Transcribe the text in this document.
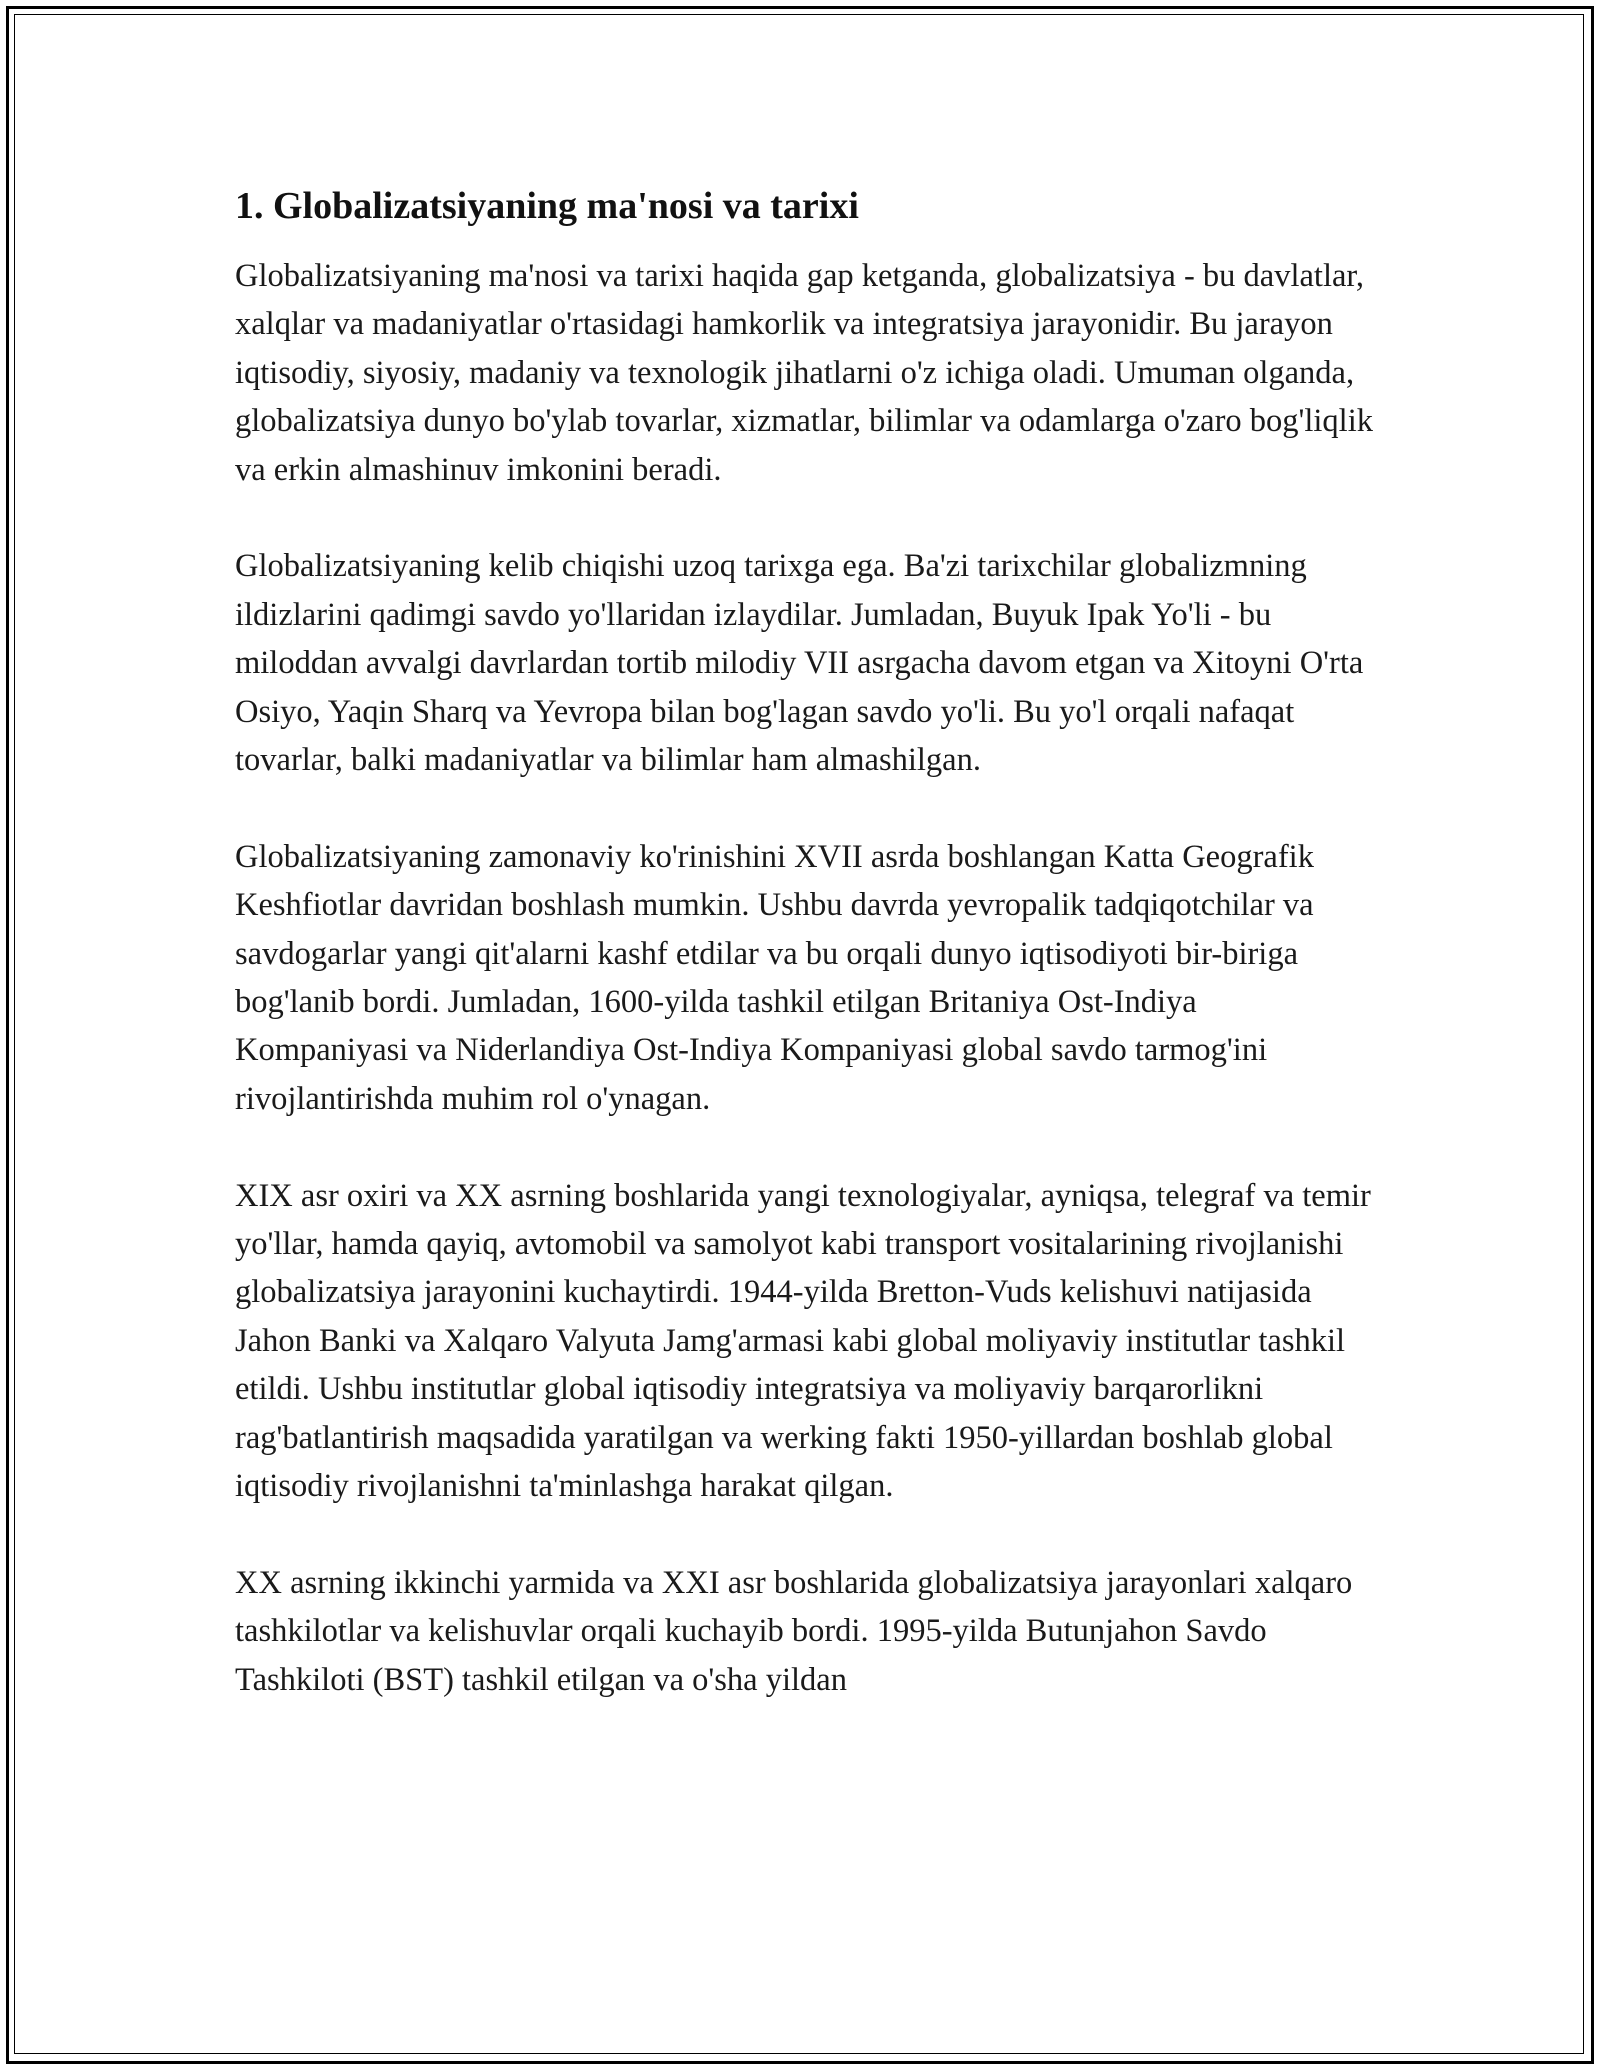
1. Globalizatsiyaning ma'nosi va tarixi

Globalizatsiyaning ma'nosi va tarixi haqida gap ketganda, globalizatsiya - bu davlatlar, xalqlar va madaniyatlar o'rtasidagi hamkorlik va integratsiya jarayonidir. Bu jarayon iqtisodiy, siyosiy, madaniy va texnologik jihatlarni o'z ichiga oladi. Umuman olganda, globalizatsiya dunyo bo'ylab tovarlar, xizmatlar, bilimlar va odamlarga o'zaro bog'liqlik va erkin almashinuv imkonini beradi.

Globalizatsiyaning kelib chiqishi uzoq tarixga ega. Ba'zi tarixchilar globalizmning ildizlarini qadimgi savdo yo'llaridan izlaydilar. Jumladan, Buyuk Ipak Yo'li - bu miloddan avvalgi davrlardan tortib milodiy VII asrgacha davom etgan va Xitoyni O'rta Osiyo, Yaqin Sharq va Yevropa bilan bog'lagan savdo yo'li. Bu yo'l orqali nafaqat tovarlar, balki madaniyatlar va bilimlar ham almashilgan.

Globalizatsiyaning zamonaviy ko'rinishini XVII asrda boshlangan Katta Geografik Keshfiotlar davridan boshlash mumkin. Ushbu davrda yevropalik tadqiqotchilar va savdogarlar yangi qit'alarni kashf etdilar va bu orqali dunyo iqtisodiyoti bir-biriga bog'lanib bordi. Jumladan, 1600-yilda tashkil etilgan Britaniya Ost-Indiya Kompaniyasi va Niderlandiya Ost-Indiya Kompaniyasi global savdo tarmog'ini rivojlantirishda muhim rol o'ynagan.

XIX asr oxiri va XX asrning boshlarida yangi texnologiyalar, ayniqsa, telegraf va temir yo'llar, hamda qayiq, avtomobil va samolyot kabi transport vositalarining rivojlanishi globalizatsiya jarayonini kuchaytirdi. 1944-yilda Bretton-Vuds kelishuvi natijasida Jahon Banki va Xalqaro Valyuta Jamg'armasi kabi global moliyaviy institutlar tashkil etildi. Ushbu institutlar global iqtisodiy integratsiya va moliyaviy barqarorlikni rag'batlantirish maqsadida yaratilgan va werking fakti 1950-yillardan boshlab global iqtisodiy rivojlanishni ta'minlashga harakat qilgan.

XX asrning ikkinchi yarmida va XXI asr boshlarida globalizatsiya jarayonlari xalqaro tashkilotlar va kelishuvlar orqali kuchayib bordi. 1995-yilda Butunjahon Savdo Tashkiloti (BST) tashkil etilgan va o'sha yildan
